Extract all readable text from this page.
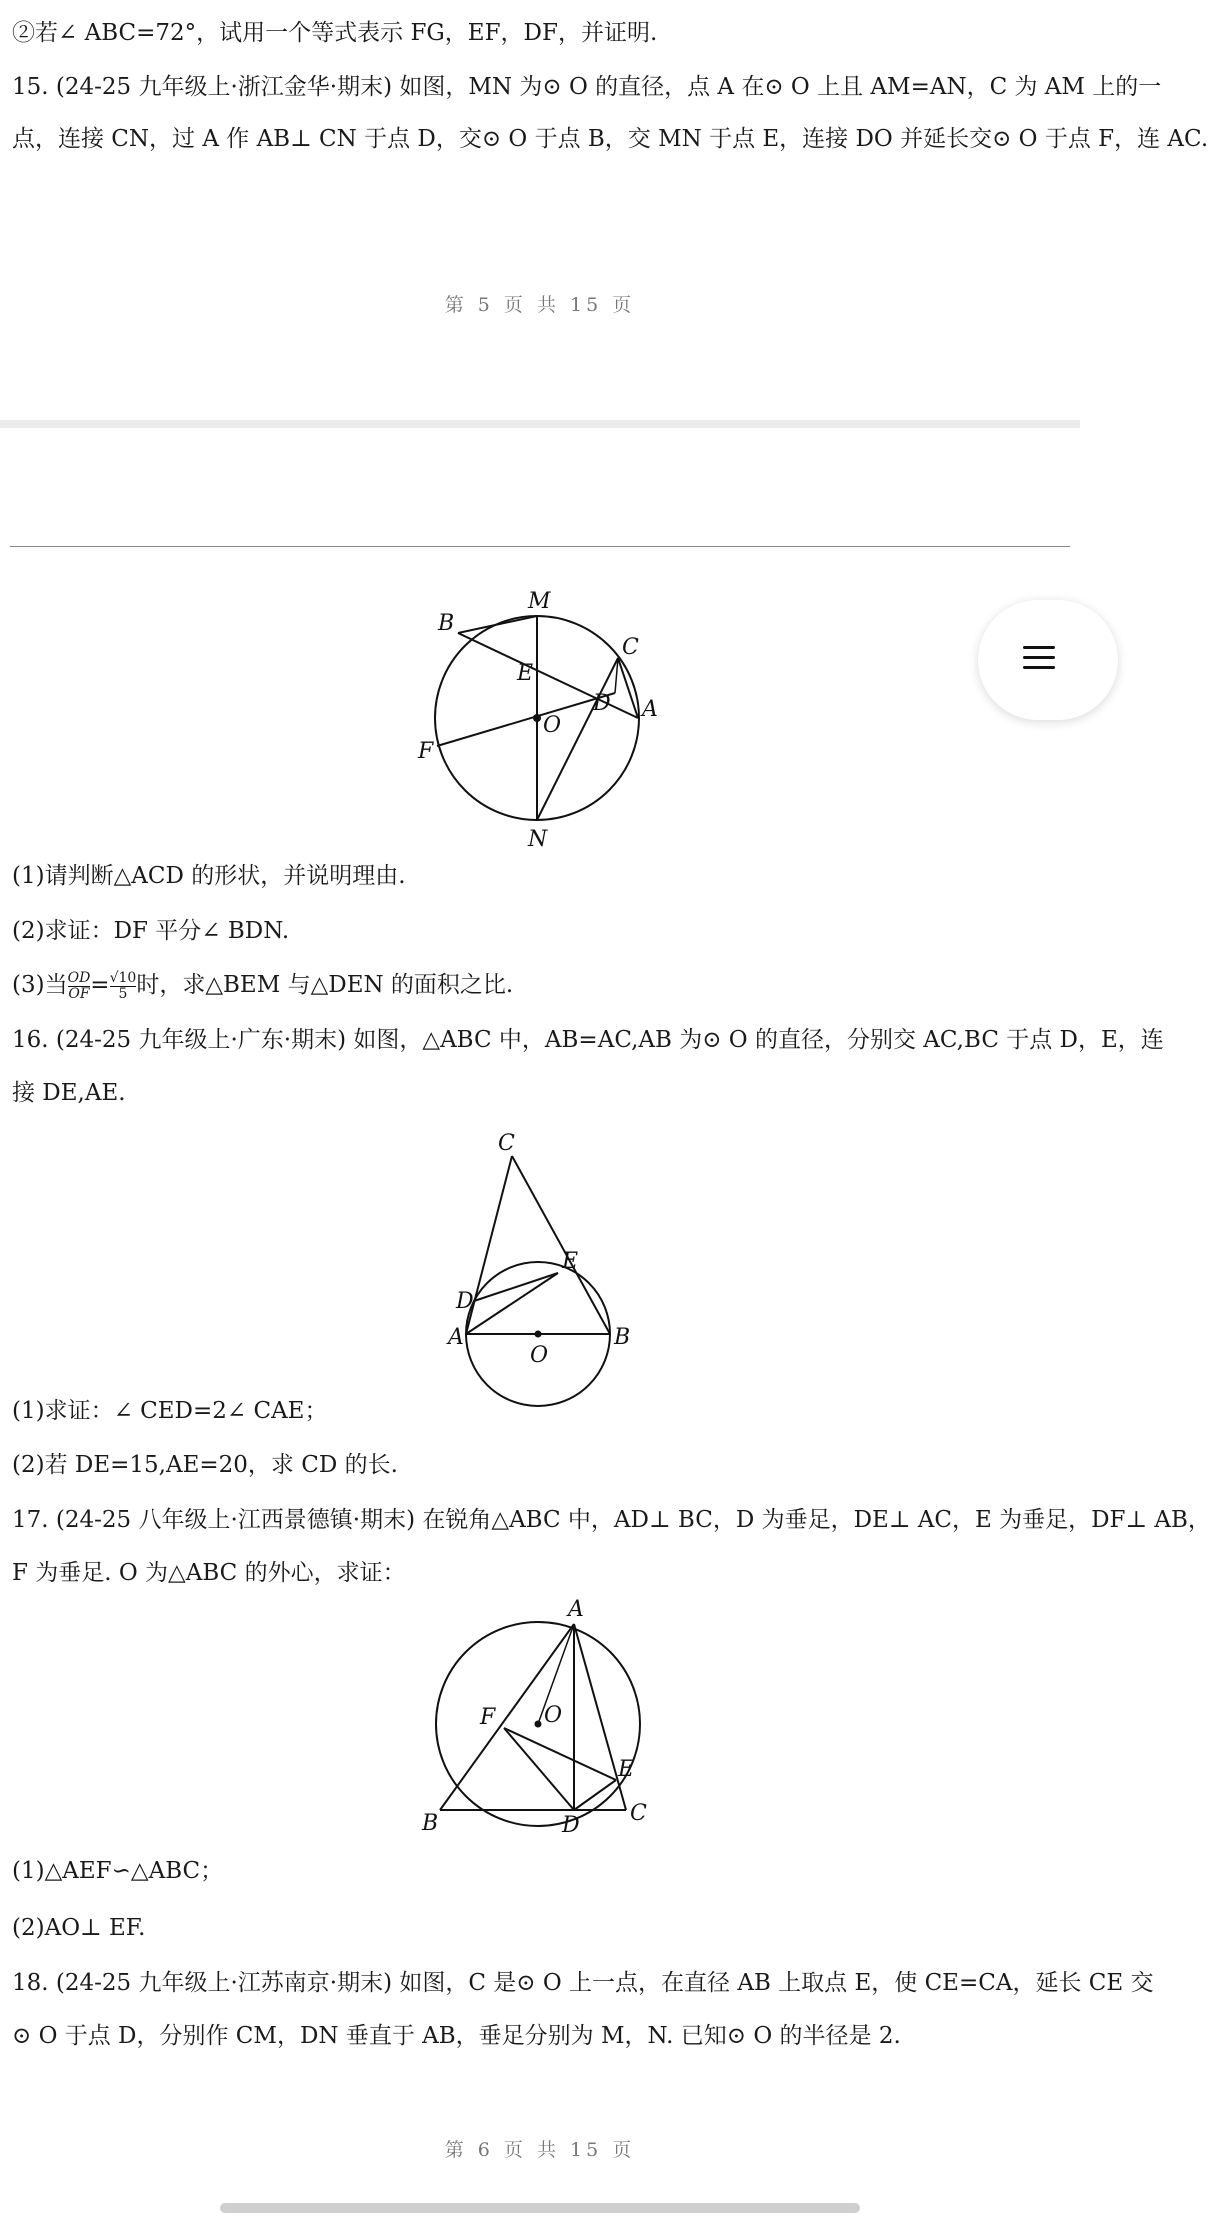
②若∠ ABC=72°，试用一个等式表示 FG，EF，DF，并证明.
15. (24-25 九年级上·浙江金华·期末) 如图，MN 为⊙ O 的直径，点 A 在⊙ O 上且 AM=AN，C 为 AM 上的一
点，连接 CN，过 A 作 AB⊥ CN 于点 D，交⊙ O 于点 B，交 MN 于点 E，连接 DO 并延长交⊙ O 于点 F，连 AC.
第 5 页 共 15 页
M
B
C
E
D
O
A
F
N
(1)请判断△ACD 的形状，并说明理由.
(2)求证：DF 平分∠ BDN.
(3)当 $\frac{OD}{OF} = \frac{√10}{5}$ 时，求△BEM 与△DEN 的面积之比.
16. (24-25 九年级上·广东·期末) 如图，△ABC 中，AB=AC,AB 为⊙ O 的直径，分别交 AC,BC 于点 D，E，连
接 DE,AE.
C
E
D
A
O
B
(1)求证：∠ CED=2∠ CAE；
(2)若 DE=15,AE=20，求 CD 的长.
17. (24-25 八年级上·江西景德镇·期末) 在锐角△ABC 中，AD⊥ BC，D 为垂足，DE⊥ AC，E 为垂足，DF⊥ AB，
F 为垂足. O 为△ABC 的外心，求证：
A
F O
E
B	D C
(1)△AEF∽△ABC；
(2)AO⊥ EF.
18. (24-25 九年级上·江苏南京·期末) 如图，C 是⊙ O 上一点，在直径 AB 上取点 E，使 CE=CA，延长 CE 交
⊙ O 于点 D，分别作 CM，DN 垂直于 AB，垂足分别为 M，N. 已知⊙ O 的半径是 2.
第 6 页 共 15 页
